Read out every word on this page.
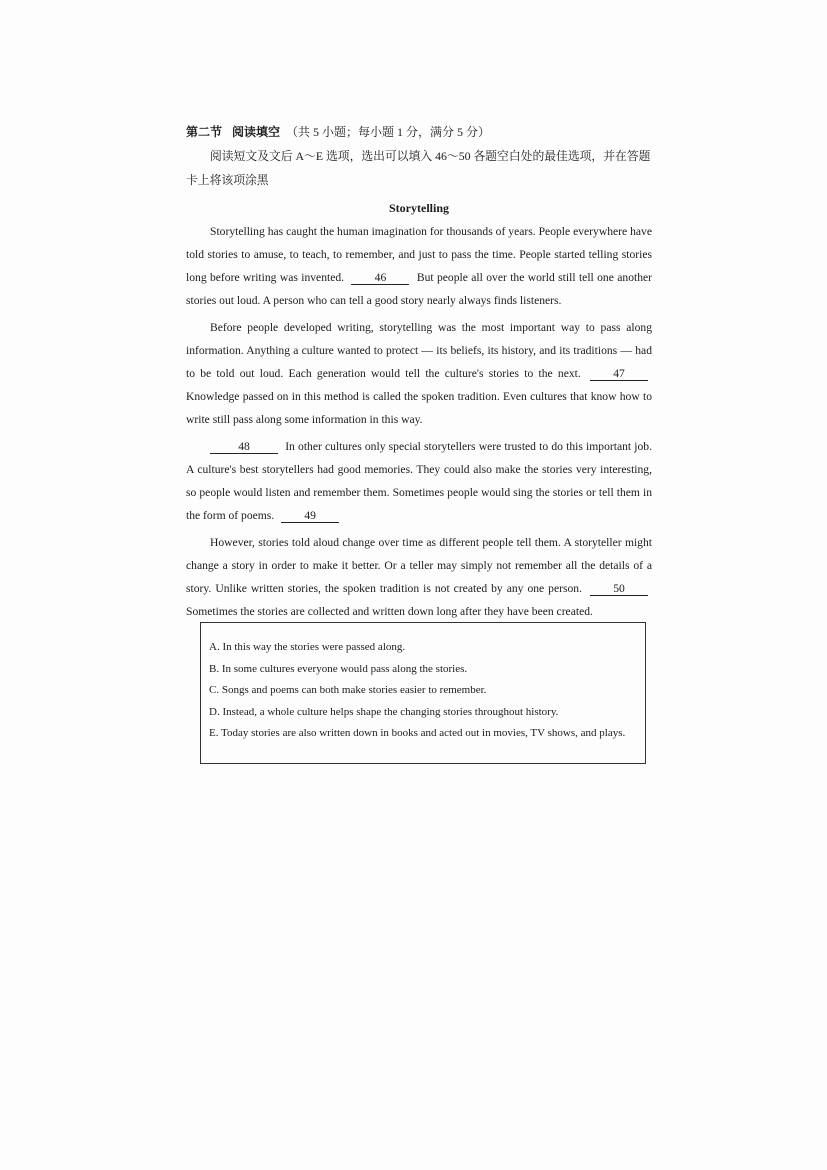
第二节 阅读填空 （共 5 小题；每小题 1 分，满分 5 分）

阅读短文及文后 A～E 选项，选出可以填入 46～50 各题空白处的最佳选项，并在答题

卡上将该项涂黑

Storytelling

Storytelling has caught the human imagination for thousands of years. People everywhere have told stories to amuse, to teach, to remember, and just to pass the time. People started telling stories long before writing was invented.	46	But people all over the world still tell one another stories out loud. A person who can tell a good story nearly always finds listeners.

Before people developed writing, storytelling was the most important way to pass along information. Anything a culture wanted to protect — its beliefs, its history, and its traditions — had to be told out loud. Each generation would tell the culture's stories to the next.	47 Knowledge passed on in this method is called the spoken tradition. Even cultures that know how to write still pass along some information in this way.

48	In other cultures only special storytellers were trusted to do this important job. A culture's best storytellers had good memories. They could also make the stories very interesting, so people would listen and remember them. Sometimes people would sing the stories or tell them in the form of poems.	49

However, stories told aloud change over time as different people tell them. A storyteller might change a story in order to make it better. Or a teller may simply not remember all the details of a story. Unlike written stories, the spoken tradition is not created by any one person.	50 Sometimes the stories are collected and written down long after they have been created.

A. In this way the stories were passed along.

B. In some cultures everyone would pass along the stories.

C. Songs and poems can both make stories easier to remember.

D. Instead, a whole culture helps shape the changing stories throughout history.

E. Today stories are also written down in books and acted out in movies, TV shows, and plays.
